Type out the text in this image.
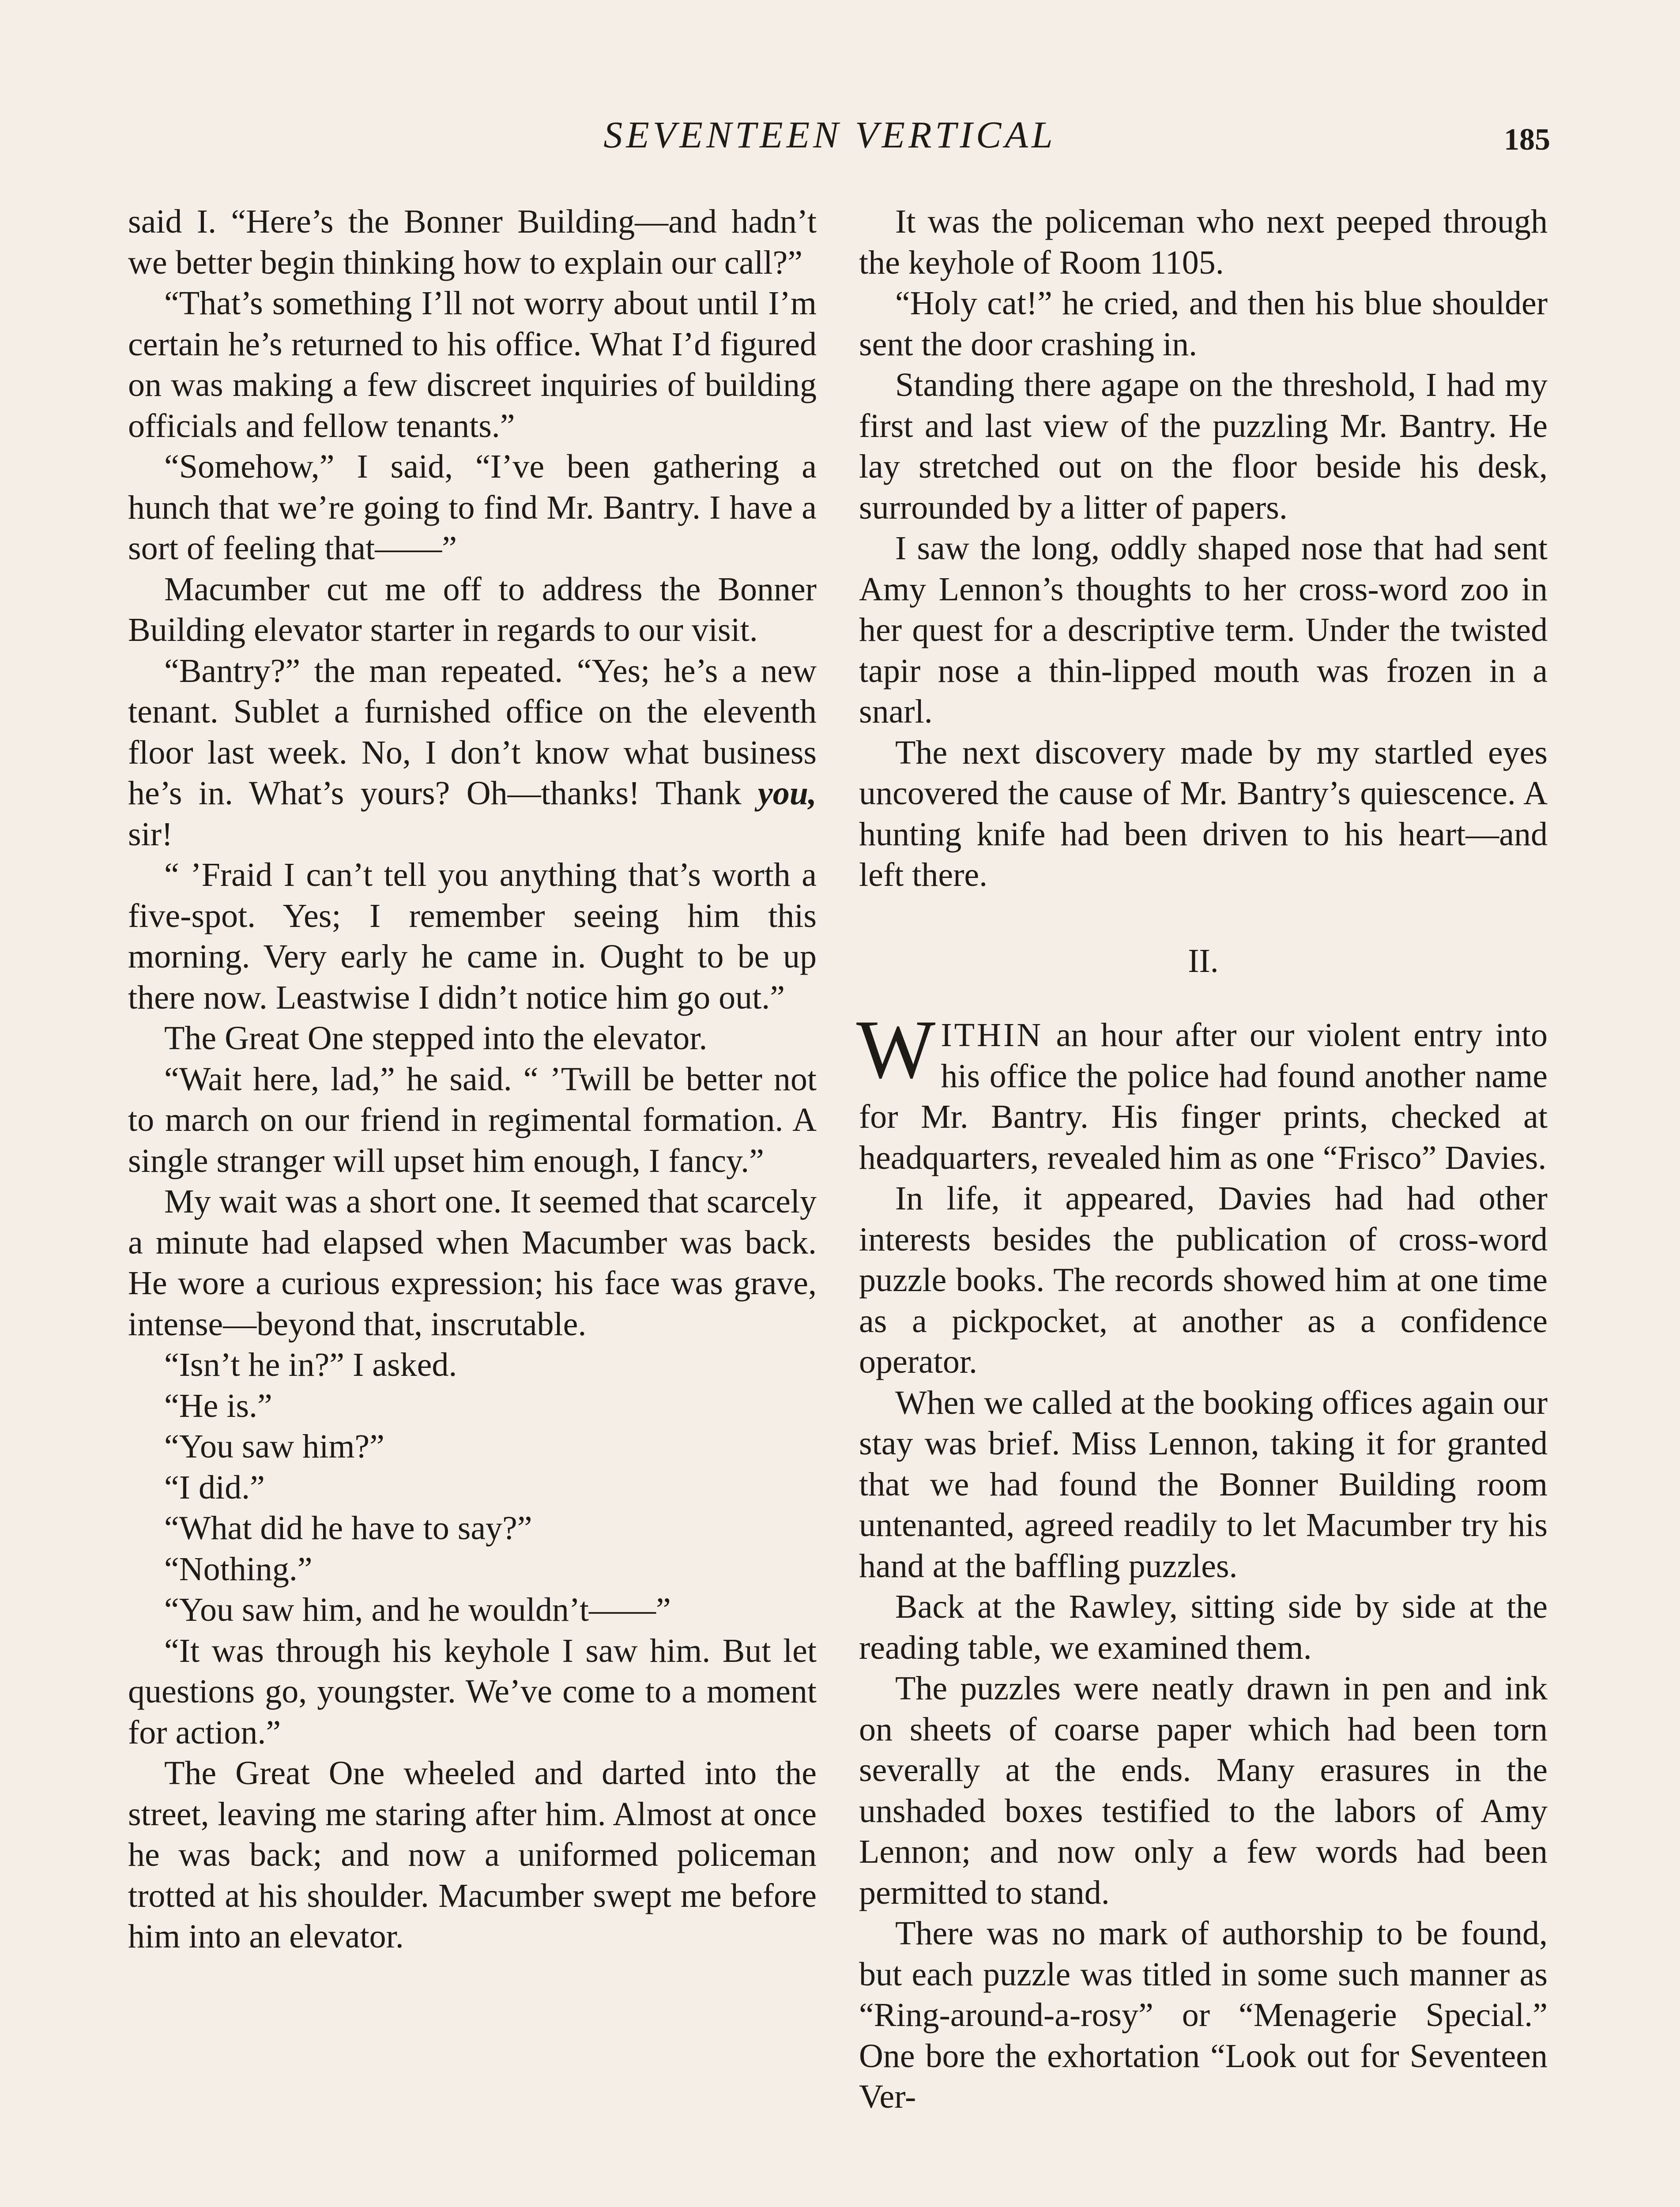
SEVENTEEN VERTICAL	185

said I. “Here’s the Bonner Building—and hadn’t we better begin thinking how to explain our call?”

“That’s something I’ll not worry about until I’m certain he’s returned to his office. What I’d figured on was making a few discreet inquiries of building officials and fellow tenants.”

“Somehow,” I said, “I’ve been gathering a hunch that we’re going to find Mr. Bantry. I have a sort of feeling that——”

Macumber cut me off to address the Bonner Building elevator starter in regards to our visit.

“Bantry?” the man repeated. “Yes; he’s a new tenant. Sublet a furnished office on the eleventh floor last week. No, I don’t know what business he’s in. What’s yours? Oh—thanks! Thank you, sir!

“ ’Fraid I can’t tell you anything that’s worth a five-spot. Yes; I remember seeing him this morning. Very early he came in. Ought to be up there now. Leastwise I didn’t notice him go out.”

The Great One stepped into the elevator.

“Wait here, lad,” he said. “ ’Twill be better not to march on our friend in regimental formation. A single stranger will upset him enough, I fancy.”

My wait was a short one. It seemed that scarcely a minute had elapsed when Macumber was back. He wore a curious expression; his face was grave, intense—beyond that, inscrutable.

“Isn’t he in?” I asked.

“He is.”

“You saw him?”

“I did.”

“What did he have to say?”

“Nothing.”

“You saw him, and he wouldn’t——”

“It was through his keyhole I saw him. But let questions go, youngster. We’ve come to a moment for action.”

The Great One wheeled and darted into the street, leaving me staring after him. Almost at once he was back; and now a uniformed policeman trotted at his shoulder. Macumber swept me before him into an elevator.

It was the policeman who next peeped through the keyhole of Room 1105.

“Holy cat!” he cried, and then his blue shoulder sent the door crashing in.

Standing there agape on the threshold, I had my first and last view of the puzzling Mr. Bantry. He lay stretched out on the floor beside his desk, surrounded by a litter of papers.

I saw the long, oddly shaped nose that had sent Amy Lennon’s thoughts to her cross-word zoo in her quest for a descriptive term. Under the twisted tapir nose a thin-lipped mouth was frozen in a snarl.

The next discovery made by my startled eyes uncovered the cause of Mr. Bantry’s quiescence. A hunting knife had been driven to his heart—and left there.

II.

WITHIN an hour after our violent entry into his office the police had found another name for Mr. Bantry. His finger prints, checked at headquarters, revealed him as one “Frisco” Davies.

In life, it appeared, Davies had had other interests besides the publication of cross-word puzzle books. The records showed him at one time as a pickpocket, at another as a confidence operator.

When we called at the booking offices again our stay was brief. Miss Lennon, taking it for granted that we had found the Bonner Building room untenanted, agreed readily to let Macumber try his hand at the baffling puzzles.

Back at the Rawley, sitting side by side at the reading table, we examined them.

The puzzles were neatly drawn in pen and ink on sheets of coarse paper which had been torn severally at the ends. Many erasures in the unshaded boxes testified to the labors of Amy Lennon; and now only a few words had been permitted to stand.

There was no mark of authorship to be found, but each puzzle was titled in some such manner as “Ring-around-a-rosy” or “Menagerie Special.” One bore the exhortation “Look out for Seventeen Ver-
